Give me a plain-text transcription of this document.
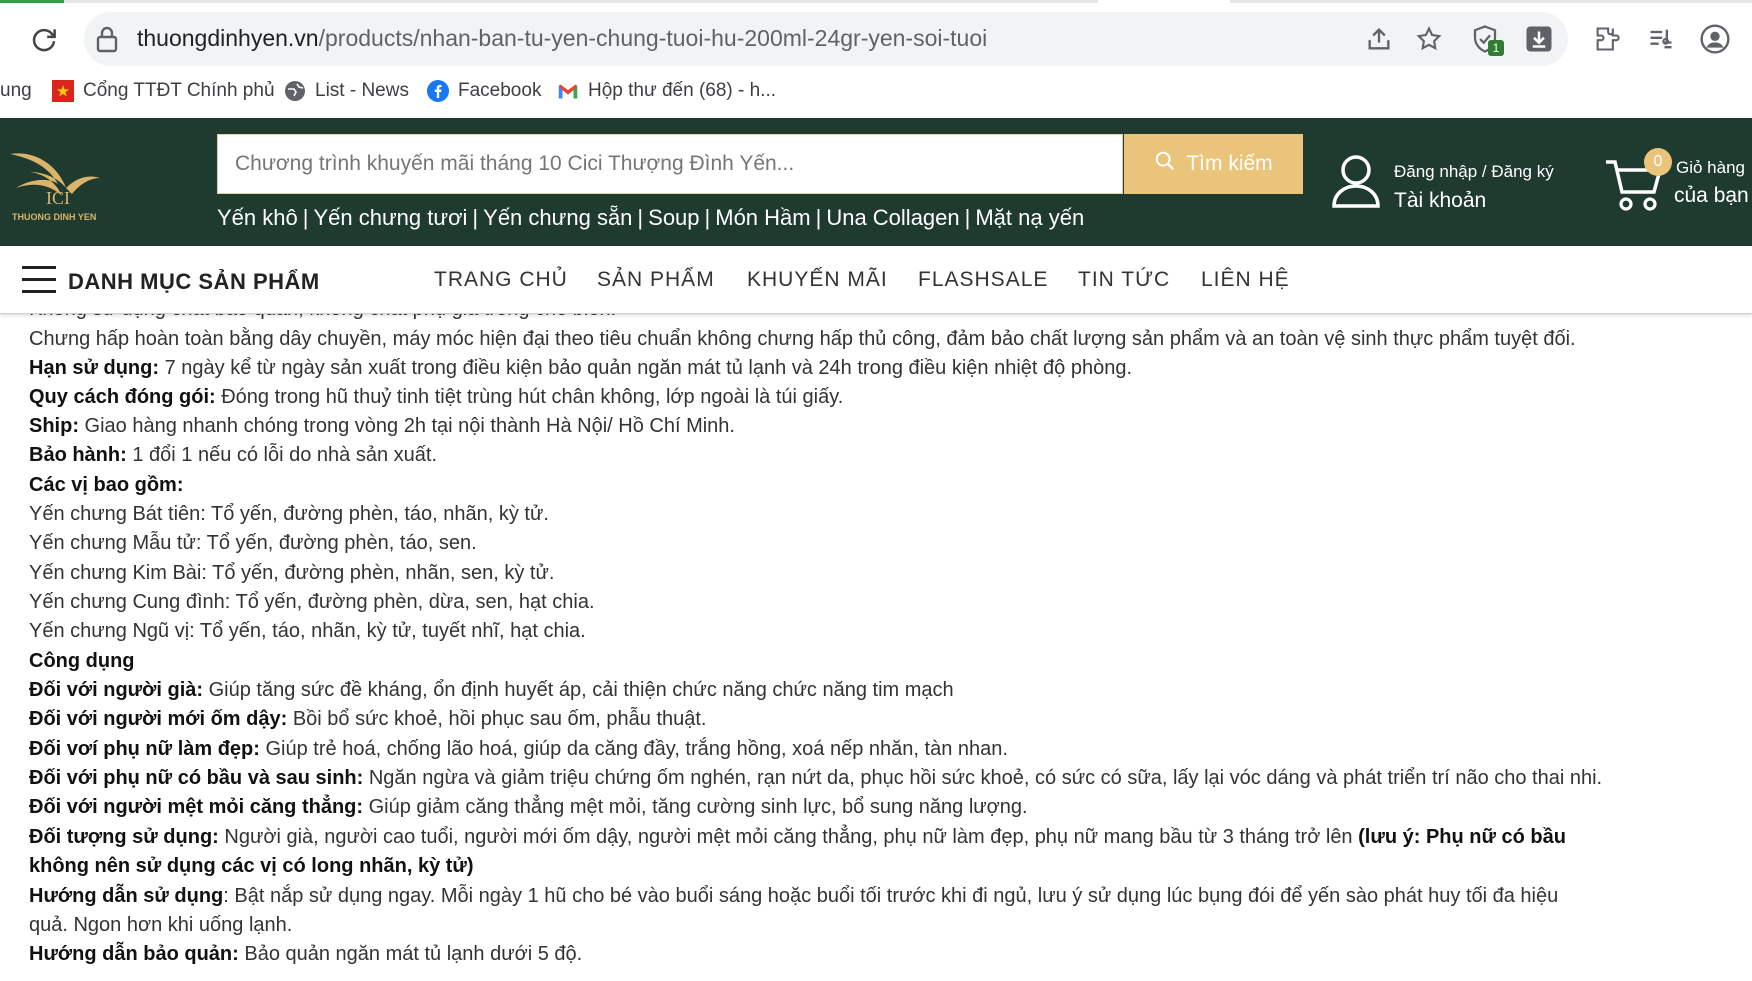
thuongdinhyen.vn/products/nhan-ban-tu-yen-chung-tuoi-hu-200ml-24gr-yen-soi-tuoi	1
ung	Cổng TTĐT Chính phủ List - News	Facebook Hộp thư đến (68) - h...
ICI
THUONG DINH YEN
Chương trình khuyến mãi tháng 10 Cici Thượng Đình Yến...
Tìm kiếm
Yến khô | Yến chưng tươi | Yến chưng sẵn | Soup | Món Hầm | Una Collagen | Mặt nạ yến
Đăng nhập / Đăng ký
Tài khoản
0 Giỏ hàng
của bạn
DANH MỤC SẢN PHẨM	TRANG CHỦ SẢN PHẨM KHUYẾN MÃI FLASHSALE TIN TỨC LIÊN HỆ
Chưng hấp hoàn toàn bằng dây chuyền, máy móc hiện đại theo tiêu chuẩn không chưng hấp thủ công, đảm bảo chất lượng sản phẩm và an toàn vệ sinh thực phẩm tuyệt đối.
Hạn sử dụng: 7 ngày kể từ ngày sản xuất trong điều kiện bảo quản ngăn mát tủ lạnh và 24h trong điều kiện nhiệt độ phòng.
Quy cách đóng gói: Đóng trong hũ thuỷ tinh tiệt trùng hút chân không, lớp ngoài là túi giấy.
Ship: Giao hàng nhanh chóng trong vòng 2h tại nội thành Hà Nội/ Hồ Chí Minh.
Bảo hành: 1 đổi 1 nếu có lỗi do nhà sản xuất.
Các vị bao gồm:
Yến chưng Bát tiên: Tổ yến, đường phèn, táo, nhãn, kỳ tử.
Yến chưng Mẫu tử: Tổ yến, đường phèn, táo, sen.
Yến chưng Kim Bài: Tổ yến, đường phèn, nhãn, sen, kỳ tử.
Yến chưng Cung đình: Tổ yến, đường phèn, dừa, sen, hạt chia.
Yến chưng Ngũ vị: Tổ yến, táo, nhãn, kỳ tử, tuyết nhĩ, hạt chia.
Công dụng
Đối với người già: Giúp tăng sức đề kháng, ổn định huyết áp, cải thiện chức năng chức năng tim mạch
Đối với người mới ốm dậy: Bồi bổ sức khoẻ, hồi phục sau ốm, phẫu thuật.
Đối vơí phụ nữ làm đẹp: Giúp trẻ hoá, chống lão hoá, giúp da căng đầy, trắng hồng, xoá nếp nhăn, tàn nhan.
Đối với phụ nữ có bầu và sau sinh: Ngăn ngừa và giảm triệu chứng ốm nghén, rạn nứt da, phục hồi sức khoẻ, có sức có sữa, lấy lại vóc dáng và phát triển trí não cho thai nhi.
Đối với người mệt mỏi căng thẳng: Giúp giảm căng thẳng mệt mỏi, tăng cường sinh lực, bổ sung năng lượng.
Đối tượng sử dụng: Người già, người cao tuổi, người mới ốm dậy, người mệt mỏi căng thẳng, phụ nữ làm đẹp, phụ nữ mang bầu từ 3 tháng trở lên (lưu ý: Phụ nữ có bầu
không nên sử dụng các vị có long nhãn, kỳ tử)
Hướng dẫn sử dụng: Bật nắp sử dụng ngay. Mỗi ngày 1 hũ cho bé vào buổi sáng hoặc buổi tối trước khi đi ngủ, lưu ý sử dụng lúc bụng đói để yến sào phát huy tối đa hiệu
quả. Ngon hơn khi uống lạnh.
Hướng dẫn bảo quản: Bảo quản ngăn mát tủ lạnh dưới 5 độ.
